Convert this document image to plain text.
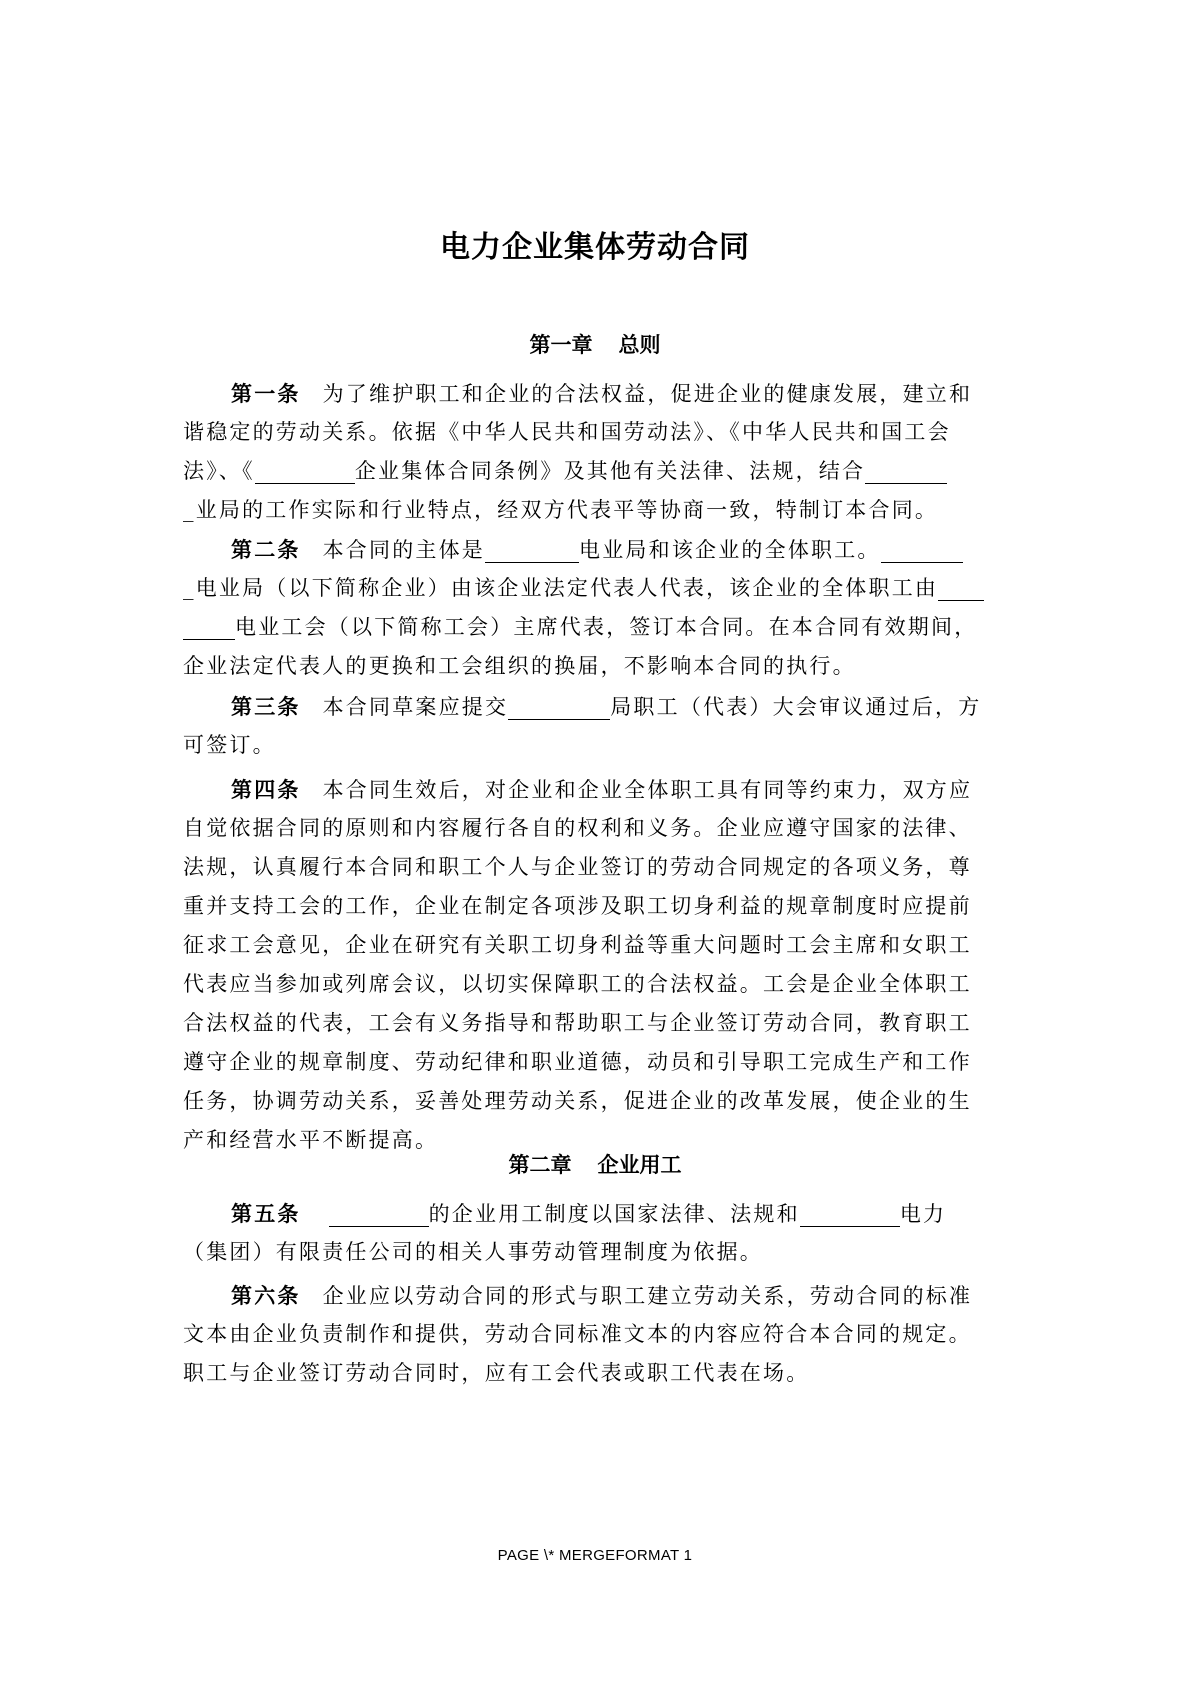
电力企业集体劳动合同
第一章 总则
第一条 为了维护职工和企业的合法权益，促进企业的健康发展，建立和
谐稳定的劳动关系。依据《中华人民共和国劳动法》、《中华人民共和国工会
法》、《	企业集体合同条例》及其他有关法律、法规，结合
_业局的工作实际和行业特点，经双方代表平等协商一致，特制订本合同。
第二条 本合同的主体是	电业局和该企业的全体职工。
_电业局（以下简称企业）由该企业法定代表人代表，该企业的全体职工由
电业工会（以下简称工会）主席代表，签订本合同。在本合同有效期间，
企业法定代表人的更换和工会组织的换届，不影响本合同的执行。
第三条 本合同草案应提交	局职工（代表）大会审议通过后，方
可签订。
第四条 本合同生效后，对企业和企业全体职工具有同等约束力，双方应
自觉依据合同的原则和内容履行各自的权利和义务。企业应遵守国家的法律、
法规，认真履行本合同和职工个人与企业签订的劳动合同规定的各项义务，尊
重并支持工会的工作，企业在制定各项涉及职工切身利益的规章制度时应提前
征求工会意见，企业在研究有关职工切身利益等重大问题时工会主席和女职工
代表应当参加或列席会议，以切实保障职工的合法权益。工会是企业全体职工
合法权益的代表，工会有义务指导和帮助职工与企业签订劳动合同，教育职工
遵守企业的规章制度、劳动纪律和职业道德，动员和引导职工完成生产和工作
任务，协调劳动关系，妥善处理劳动关系，促进企业的改革发展，使企业的生
产和经营水平不断提高。
第二章 企业用工
第五条	的企业用工制度以国家法律、法规和	电力
（集团）有限责任公司的相关人事劳动管理制度为依据。
第六条 企业应以劳动合同的形式与职工建立劳动关系，劳动合同的标准
文本由企业负责制作和提供，劳动合同标准文本的内容应符合本合同的规定。
职工与企业签订劳动合同时，应有工会代表或职工代表在场。
PAGE \* MERGEFORMAT 1
